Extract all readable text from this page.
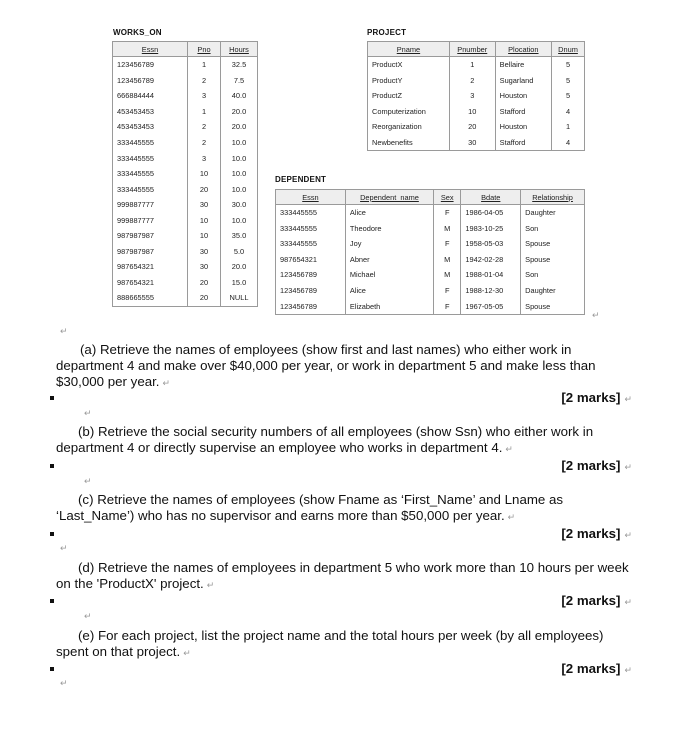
WORKS_ON
Essn	Pno	Hours
123456789	1	32.5
123456789	2	7.5
666884444	3	40.0
453453453	1	20.0
453453453	2	20.0
333445555	2	10.0
333445555	3	10.0
333445555	10	10.0
333445555	20	10.0
999887777	30	30.0
999887777	10	10.0
987987987	10	35.0
987987987	30	5.0
987654321	30	20.0
987654321	20	15.0
888665555	20	NULL
PROJECT
Pname	Pnumber	Plocation	Dnum
ProductX	1	Bellaire	5
ProductY	2	Sugarland	5
ProductZ	3	Houston	5
Computerization	10	Stafford	4
Reorganization	20	Houston	1
Newbenefits	30	Stafford	4
DEPENDENT
Essn	Dependent_name	Sex	Bdate	Relationship
333445555	Alice	F	1986-04-05	Daughter
333445555	Theodore	M	1983-10-25	Son
333445555	Joy	F	1958-05-03	Spouse
987654321	Abner	M	1942-02-28	Spouse
123456789	Michael	M	1988-01-04	Son
123456789	Alice	F	1988-12-30	Daughter
123456789	Elizabeth	F	1967-05-05	Spouse
↵
↵
(a) Retrieve the names of employees (show first and last names) who either work in department 4 and make over $40,000 per year, or work in department 5 and make less than $30,000 per year. ↵
[2 marks] ↵
↵
(b) Retrieve the social security numbers of all employees (show Ssn) who either work in department 4 or directly supervise an employee who works in department 4. ↵
[2 marks] ↵
↵
(c) Retrieve the names of employees (show Fname as ‘First_Name’ and Lname as ‘Last_Name’) who has no supervisor and earns more than $50,000 per year. ↵
[2 marks] ↵
↵
(d) Retrieve the names of employees in department 5 who work more than 10 hours per week on the 'ProductX' project. ↵
[2 marks] ↵
↵
(e) For each project, list the project name and the total hours per week (by all employees) spent on that project. ↵
[2 marks] ↵
↵
